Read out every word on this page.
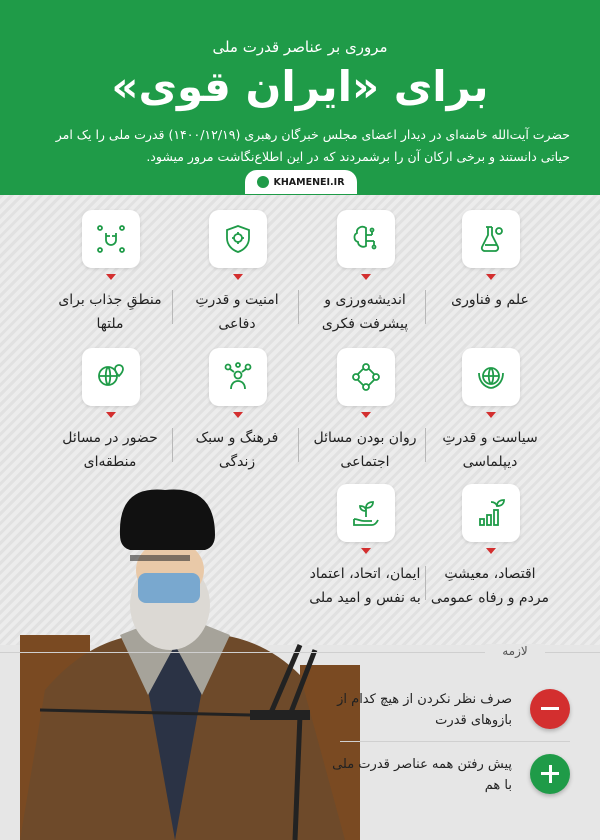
مروری بر عناصر قدرت ملی
برای «ایران قوی»
حضرت آیت‌الله خامنه‌ای در دیدار اعضای مجلس خبرگان رهبری (۱۴۰۰/۱۲/۱۹) قدرت ملی را یک امر حیاتی دانستند و برخی ارکان آن را برشمردند که در این اطلاع‌نگاشت مرور میشود.
KHAMENEI.IR
علم و فناوری
اندیشه‌ورزی و پیشرفت فکری
امنیت و قدرتِ دفاعی
منطقِ جذاب برای ملتها
سیاست و قدرتِ دیپلماسی
روان بودن مسائل اجتماعی
فرهنگ و سبک زندگی
حضور در مسائل منطقه‌ای
اقتصاد، معیشتِ مردم و رفاه عمومی
ایمان، اتحاد، اعتماد به نفس و امید ملی
لازمه
صرف نظر نکردن از هیچ کدام از بازوهای قدرت
پیش رفتن همه عناصر قدرت ملی با هم
